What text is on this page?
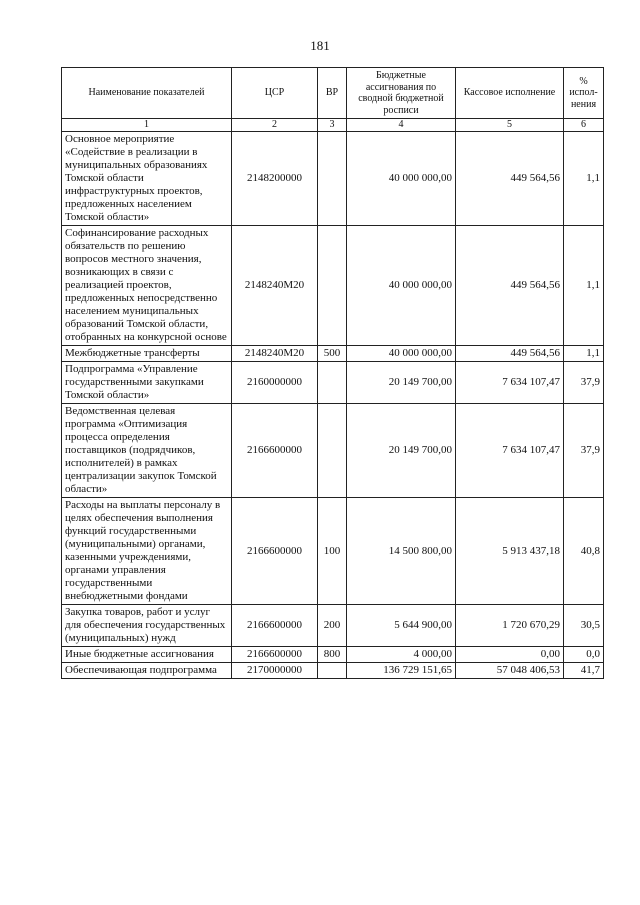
181
Наименование показателей	ЦСР	ВР	Бюджетные ассигнования по сводной бюджетной росписи	Кассовое исполнение	% испол-нения
1	2	3	4	5	6
Основное мероприятие «Содействие в реализации в муниципальных образованиях Томской области инфраструктурных проектов, предложенных населением Томской области»	2148200000		40 000 000,00	449 564,56	1,1
Софинансирование расходных обязательств по решению вопросов местного значения, возникающих в связи с реализацией проектов, предложенных непосредственно населением муниципальных образований Томской области, отобранных на конкурсной основе	2148240М20		40 000 000,00	449 564,56	1,1
Межбюджетные трансферты	2148240М20	500	40 000 000,00	449 564,56	1,1
Подпрограмма «Управление государственными закупками Томской области»	2160000000		20 149 700,00	7 634 107,47	37,9
Ведомственная целевая программа «Оптимизация процесса определения поставщиков (подрядчиков, исполнителей) в рамках централизации закупок Томской области»	2166600000		20 149 700,00	7 634 107,47	37,9
Расходы на выплаты персоналу в целях обеспечения выполнения функций государственными (муниципальными) органами, казенными учреждениями, органами управления государственными внебюджетными фондами	2166600000	100	14 500 800,00	5 913 437,18	40,8
Закупка товаров, работ и услуг для обеспечения государственных (муниципальных) нужд	2166600000	200	5 644 900,00	1 720 670,29	30,5
Иные бюджетные ассигнования	2166600000	800	4 000,00	0,00	0,0
Обеспечивающая подпрограмма	2170000000		136 729 151,65	57 048 406,53	41,7
